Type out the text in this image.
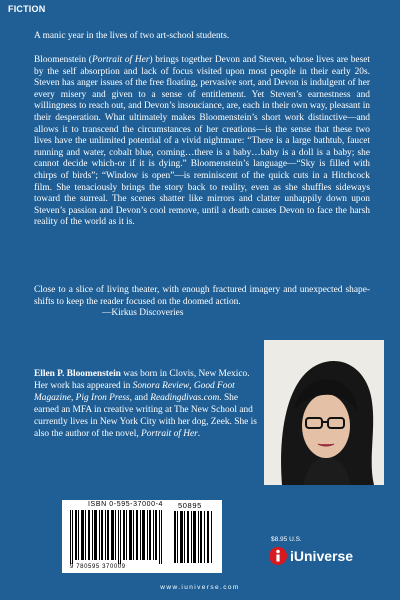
FICTION

A manic year in the lives of two art-school students.

Bloomenstein (Portrait of Her) brings together Devon and Steven, whose lives are beset by the self absorption and lack of focus visited upon most people in their early 20s. Steven has anger issues of the free floating, pervasive sort, and Devon is indulgent of her every misery and given to a sense of entitlement. Yet Steven’s earnestness and willingness to reach out, and Devon’s insouciance, are, each in their own way, pleasant in their desperation. What ultimately makes Bloomenstein’s short work distinctive—and allows it to transcend the circumstances of her creations—is the sense that these two lives have the unlimited potential of a vivid nightmare: “There is a large bathtub, faucet running and water, cobalt blue, coming…there is a baby…baby is a doll is a baby; she cannot decide which-or if it is dying.” Bloomenstein’s language—“Sky is filled with chirps of birds”; “Window is open”—is reminiscent of the quick cuts in a Hitchcock film. She tenaciously brings the story back to reality, even as she shuffles sideways toward the surreal. The scenes shatter like mirrors and clatter unhappily down upon Steven’s passion and Devon’s cool remove, until a death causes Devon to face the harsh reality of the world as it is.

Close to a slice of living theater, with enough fractured imagery and unexpected shape-shifts to keep the reader focused on the doomed action.

—Kirkus Discoveries
Ellen P. Bloomenstein was born in Clovis, New Mexico. Her work has appeared in Sonora Review, Good Foot Magazine, Pig Iron Press, and Readingdivas.com. She earned an MFA in creative writing at The New School and currently lives in New York City with her dog, Zeek. She is also the author of the novel, Portrait of Her.
ISBN 0-595-37000-4 50895
9 780595 370009
$8.95 U.S.
iUniverse
www.iuniverse.com
